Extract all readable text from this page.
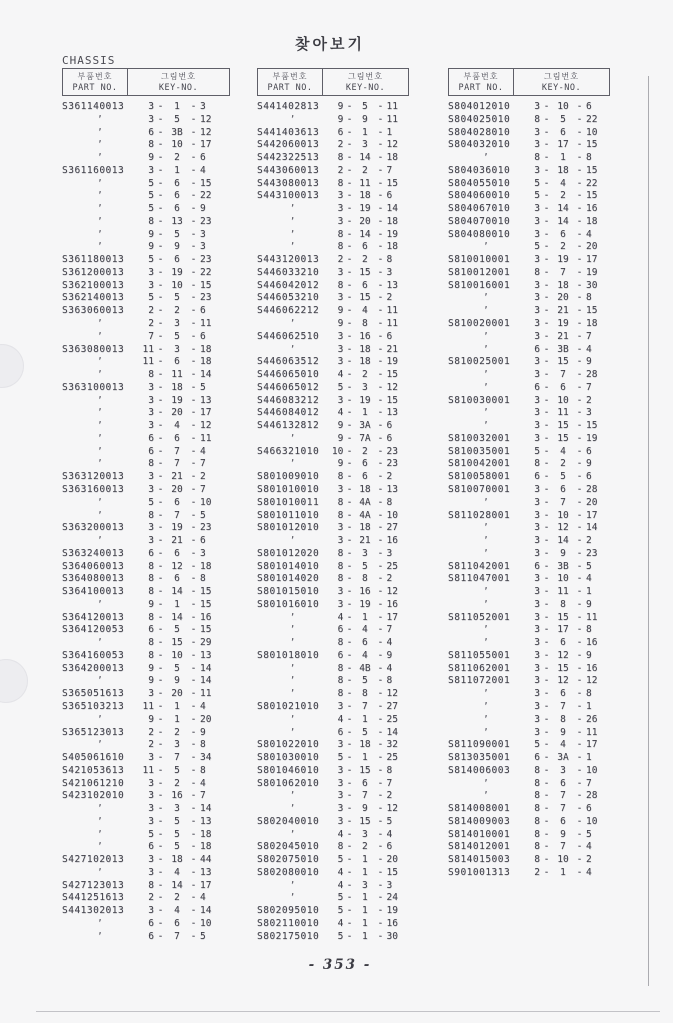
찾아보기
CHASSIS
부품번호
PART NO.
그림번호
KEY-NO.
S361140013	3 -	1	- 3
’	3 -	5	- 12
’	6 - 3B - 12
’	8 - 10 - 17
’	9 -	2	- 6
S361160013	3 -	1	- 4
’	5 -	6	- 15
’	5 -	6	- 22
’	5 -	6	- 9
’	8 - 13 - 23
’	9 -	5	- 3
’	9 -	9	- 3
S361180013	5 -	6	- 23
S361200013	3 - 19 - 22
S362100013	3 - 10 - 15
S362140013	5 -	5	- 23
S363060013	2 -	2	- 6
’	2 -	3	- 11
’	7 -	5	- 6
S363080013	11 -	3	- 18
’	11 -	6	- 18
’	8 - 11 - 14
S363100013	3 - 18 - 5
’	3 - 19 - 13
’	3 - 20 - 17
’	3 -	4	- 12
’	6 -	6	- 11
’	6 -	7	- 4
’	8 -	7	- 7
S363120013	3 - 21 - 2
S363160013	3 - 20 - 7
’	5 -	6	- 10
’	8 -	7	- 5
S363200013	3 - 19 - 23
’	3 - 21 - 6
S363240013	6 -	6	- 3
S364060013	8 - 12 - 18
S364080013	8 -	6	- 8
S364100013	8 - 14 - 15
’	9 -	1	- 15
S364120013	8 - 14 - 16
S364120053	6 -	5	- 15
’	8 - 15 - 29
S364160053	8 - 10 - 13
S364200013	9 -	5	- 14
’	9 -	9	- 14
S365051613	3 - 20 - 11
S365103213	11 -	1	- 4
’	9 -	1	- 20
S365123013	2 -	2	- 9
’	2 -	3	- 8
S405061610	3 -	7	- 34
S421053613	11 -	5	- 8
S421061210	3 -	2	- 4
S423102010	3 - 16 - 7
’	3 -	3	- 14
’	3 -	5	- 13
’	5 -	5	- 18
’	6 -	5	- 18
S427102013	3 - 18 - 44
’	3 -	4	- 13
S427123013	8 - 14 - 17
S441251613	2 -	2	- 4
S441302013	3 -	4	- 14
’	6 -	6	- 10
’	6 -	7	- 5
부품번호
PART NO.
그림번호
KEY-NO.
S441402813	9 -	5	- 11
’	9 -	9	- 11
S441403613	6 -	1	- 1
S442060013	2 -	3	- 12
S442322513	8 - 14 - 18
S443060013	2 -	2	- 7
S443080013	8 - 11 - 15
S443100013	3 - 18 - 6
’	3 - 19 - 14
’	3 - 20 - 18
’	8 - 14 - 19
’	8 -	6	- 18
S443120013	2 -	2	- 8
S446033210	3 - 15 - 3
S446042012	8 -	6	- 13
S446053210	3 - 15 - 2
S446062212	9 -	4	- 11
’	9 -	8	- 11
S446062510	3 - 16 - 6
’	3 - 18 - 21
S446063512	3 - 18 - 19
S446065010	4 -	2	- 15
S446065012	5 -	3	- 12
S446083212	3 - 19 - 15
S446084012	4 -	1	- 13
S446132812	9 - 3A - 6
’	9 - 7A - 6
S466321010	10 -	2	- 23
’	9 -	6	- 23
S801009010	8 -	6	- 2
S801010010	3 - 18 - 13
S801010011	8 - 4A - 8
S801011010	8 - 4A - 10
S801012010	3 - 18 - 27
’	3 - 21 - 16
S801012020	8 -	3	- 3
S801014010	8 -	5	- 25
S801014020	8 -	8	- 2
S801015010	3 - 16 - 12
S801016010	3 - 19 - 16
’	4 -	1	- 17
’	6 -	4	- 7
’	8 -	6	- 4
S801018010	6 -	4	- 9
’	8 - 4B - 4
’	8 -	5	- 8
’	8 -	8	- 12
S801021010	3 -	7	- 27
’	4 -	1	- 25
’	6 -	5	- 14
S801022010	3 - 18 - 32
S801030010	5 -	1	- 25
S801046010	3 - 15 - 8
S801062010	3 -	6	- 7
’	3 -	7	- 2
’	3 -	9	- 12
S802040010	3 - 15 - 5
’	4 -	3	- 4
S802045010	8 -	2	- 6
S802075010	5 -	1	- 20
S802080010	4 -	1	- 15
’	4 -	3	- 3
’	5 -	1	- 24
S802095010	5 -	1	- 19
S802110010	4 -	1	- 16
S802175010	5 -	1	- 30
부품번호
PART NO.
그림번호
KEY-NO.
S804012010	3 - 10 - 6
S804025010	8 -	5	- 22
S804028010	3 -	6	- 10
S804032010	3 - 17 - 15
’	8 -	1	- 8
S804036010	3 - 18 - 15
S804055010	5 -	4	- 22
S804060010	5 -	2	- 15
S804067010	3 - 14 - 16
S804070010	3 - 14 - 18
S804080010	3 -	6	- 4
’	5 -	2	- 20
S810010001	3 - 19 - 17
S810012001	8 -	7	- 19
S810016001	3 - 18 - 30
’	3 - 20 - 8
’	3 - 21 - 15
S810020001	3 - 19 - 18
’	3 - 21 - 7
’	6 - 3B - 4
S810025001	3 - 15 - 9
’	3 -	7	- 28
’	6 -	6	- 7
S810030001	3 - 10 - 2
’	3 - 11 - 3
’	3 - 15 - 15
S810032001	3 - 15 - 19
S810035001	5 -	4	- 6
S810042001	8 -	2	- 9
S810058001	6 -	5	- 6
S810070001	3 -	6	- 28
’	3 -	7	- 20
S811028001	3 - 10 - 17
’	3 - 12 - 14
’	3 - 14 - 2
’	3 -	9	- 23
S811042001	6 - 3B - 5
S811047001	3 - 10 - 4
’	3 - 11 - 1
’	3 -	8	- 9
S811052001	3 - 15 - 11
’	3 - 17 - 8
’	3 -	6	- 16
S811055001	3 - 12 - 9
S811062001	3 - 15 - 16
S811072001	3 - 12 - 12
’	3 -	6	- 8
’	3 -	7	- 1
’	3 -	8	- 26
’	3 -	9	- 11
S811090001	5 -	4	- 17
S813035001	6 - 3A - 1
S814006003	8 -	3	- 10
’	8 -	6	- 7
’	8 -	7	- 28
S814008001	8 -	7	- 6
S814009003	8 -	6	- 10
S814010001	8 -	9	- 5
S814012001	8 -	7	- 4
S814015003	8 - 10 - 2
S901001313	2 -	1	- 4
- 353 -
